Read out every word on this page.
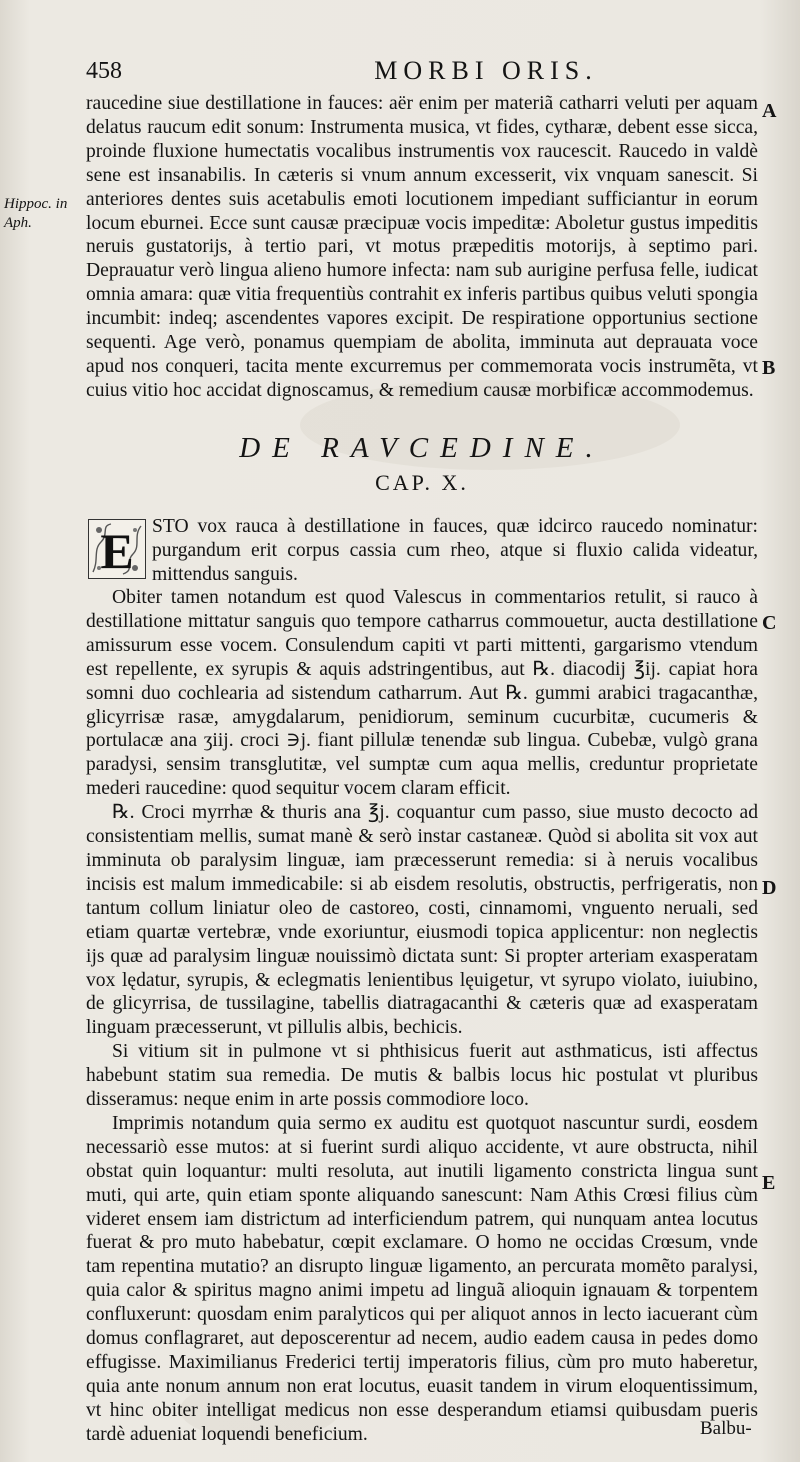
458	MORBI ORIS.
Hippoc. in Aph.
A
B
C
D
E

raucedine siue destillatione in fauces: aër enim per materiã catharri veluti per aquam delatus raucum edit sonum: Instrumenta musica, vt fides, cytharæ, debent esse sicca, proinde fluxione humectatis vocalibus instrumentis vox raucescit. Raucedo in valdè sene est insanabilis. In cæteris si vnum annum excesserit, vix vnquam sanescit. Si anteriores dentes suis acetabulis emoti locutionem impediant sufficiantur in eorum locum eburnei. Ecce sunt causæ præcipuæ vocis impeditæ: Aboletur gustus impeditis neruis gustatorijs, à tertio pari, vt motus præpeditis motorijs, à septimo pari. Deprauatur verò lingua alieno humore infecta: nam sub aurigine perfusa felle, iudicat omnia amara: quæ vitia frequentiùs contrahit ex inferis partibus quibus veluti spongia incumbit: indeq; ascendentes vapores excipit. De respiratione opportunius sectione sequenti. Age verò, ponamus quempiam de abolita, imminuta aut deprauata voce apud nos conqueri, tacita mente excurremus per commemorata vocis instrumẽta, vt cuius vitio hoc accidat dignoscamus, & remedium causæ morbificæ accommodemus.

DE RAVCEDINE.
CAP. X.
E STO vox rauca à destillatione in fauces, quæ idcirco raucedo nominatur: purgandum erit corpus cassia cum rheo, atque si fluxio calida videatur, mittendus sanguis.

Obiter tamen notandum est quod Valescus in commentarios retulit, si rauco à destillatione mittatur sanguis quo tempore catharrus commouetur, aucta destillatione amissurum esse vocem. Consulendum capiti vt parti mittenti, gargarismo vtendum est repellente, ex syrupis & aquis adstringentibus, aut ℞. diacodij ℥ij. capiat hora somni duo cochlearia ad sistendum catharrum. Aut ℞. gummi arabici tragacanthæ, glicyrrisæ rasæ, amygdalarum, penidiorum, seminum cucurbitæ, cucumeris & portulacæ ana ʒiij. croci ∋j. fiant pillulæ tenendæ sub lingua. Cubebæ, vulgò grana paradysi, sensim transglutitæ, vel sumptæ cum aqua mellis, creduntur proprietate mederi raucedine: quod sequitur vocem claram efficit.

℞. Croci myrrhæ & thuris ana ℥j. coquantur cum passo, siue musto decocto ad consistentiam mellis, sumat manè & serò instar castaneæ. Quòd si abolita sit vox aut imminuta ob paralysim linguæ, iam præcesserunt remedia: si à neruis vocalibus incisis est malum immedicabile: si ab eisdem resolutis, obstructis, perfrigeratis, non tantum collum liniatur oleo de castoreo, costi, cinnamomi, vnguento neruali, sed etiam quartæ vertebræ, vnde exoriuntur, eiusmodi topica applicentur: non neglectis ijs quæ ad paralysim linguæ nouissimò dictata sunt: Si propter arteriam exasperatam vox lędatur, syrupis, & eclegmatis lenientibus lęuigetur, vt syrupo violato, iuiubino, de glicyrrisa, de tussilagine, tabellis diatragacanthi & cæteris quæ ad exasperatam linguam præcesserunt, vt pillulis albis, bechicis.

Si vitium sit in pulmone vt si phthisicus fuerit aut asthmaticus, isti affectus habebunt statim sua remedia. De mutis & balbis locus hic postulat vt pluribus disseramus: neque enim in arte possis commodiore loco.

Imprimis notandum quia sermo ex auditu est quotquot nascuntur surdi, eosdem necessariò esse mutos: at si fuerint surdi aliquo accidente, vt aure obstructa, nihil obstat quin loquantur: multi resoluta, aut inutili ligamento constricta lingua sunt muti, qui arte, quin etiam sponte aliquando sanescunt: Nam Athis Crœsi filius cùm videret ensem iam districtum ad interficiendum patrem, qui nunquam antea locutus fuerat & pro muto habebatur, cœpit exclamare. O homo ne occidas Crœsum, vnde tam repentina mutatio? an disrupto linguæ ligamento, an percurata momẽto paralysi, quia calor & spiritus magno animi impetu ad linguã alioquin ignauam & torpentem confluxerunt: quosdam enim paralyticos qui per aliquot annos in lecto iacuerant cùm domus conflagraret, aut deposcerentur ad necem, audio eadem causa in pedes domo effugisse. Maximilianus Frederici tertij imperatoris filius, cùm pro muto haberetur, quia ante nonum annum non erat locutus, euasit tandem in virum eloquentissimum, vt hinc obiter intelligat medicus non esse desperandum etiamsi quibusdam pueris tardè adueniat loquendi beneficium.	Balbu-
